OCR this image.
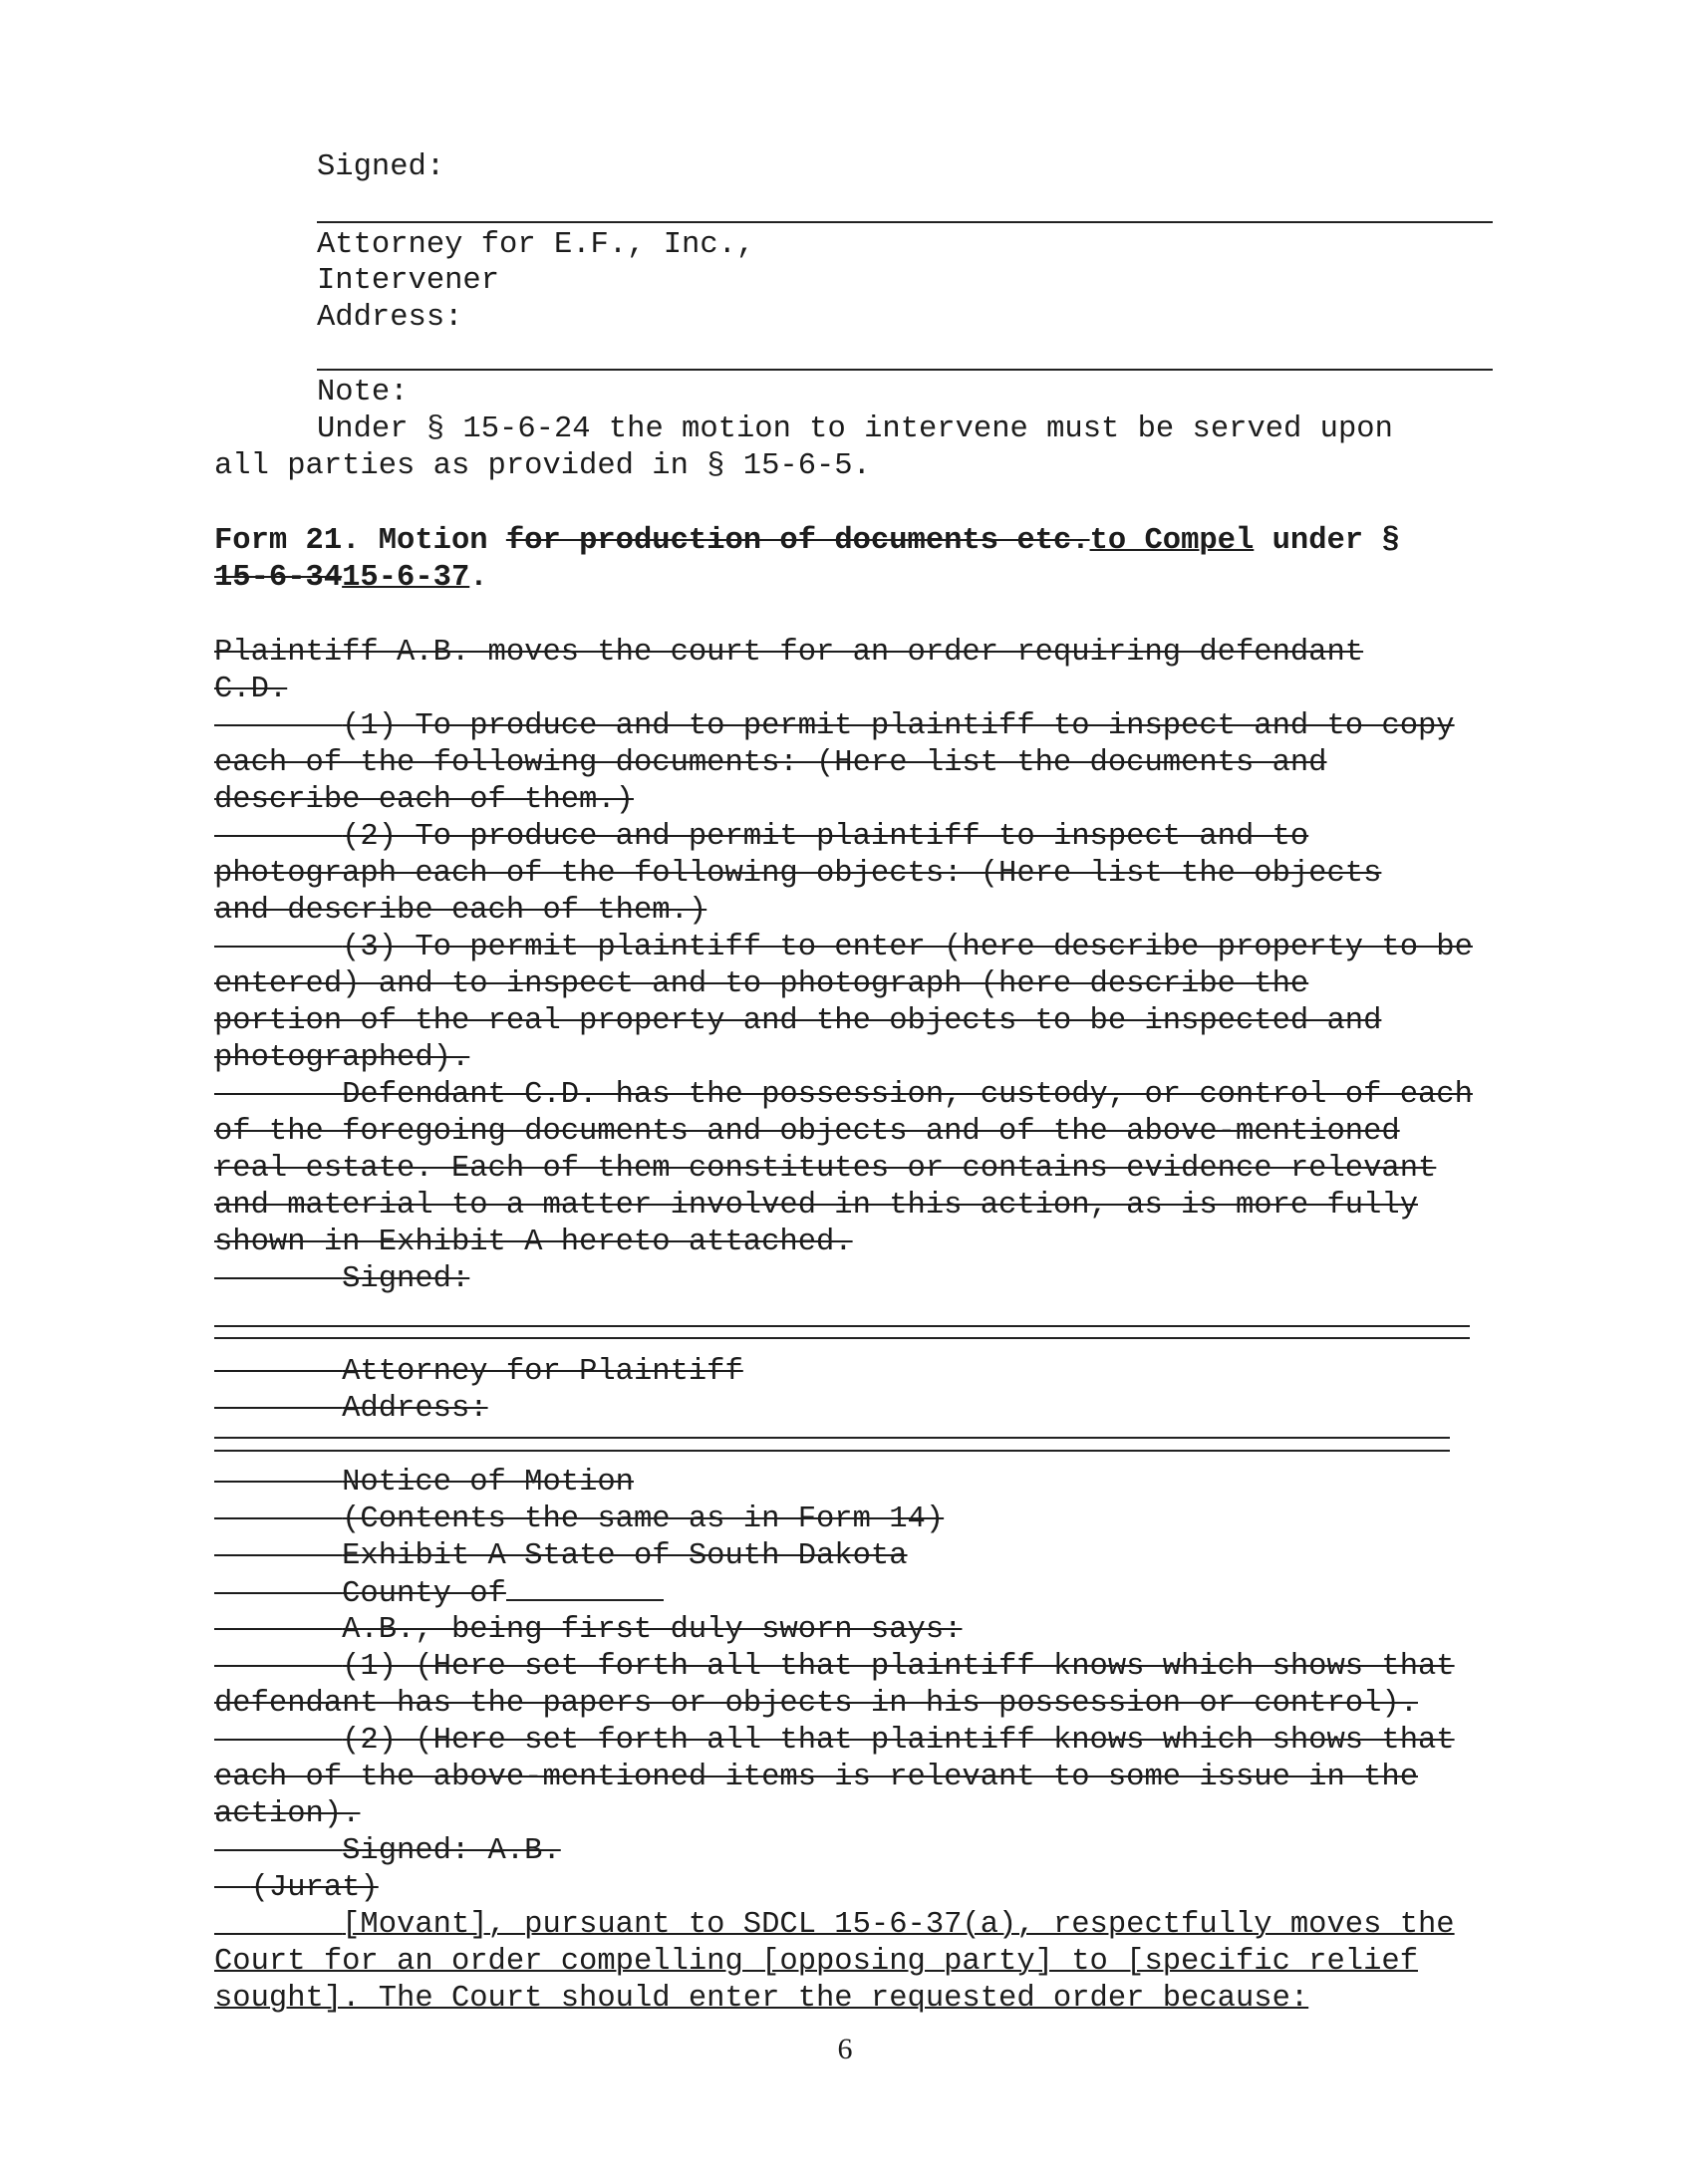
Signed:
Attorney for E.F., Inc.,
Intervener
Address:
Note:
Under § 15-6-24 the motion to intervene must be served upon
all parties as provided in § 15-6-5.
Form 21. Motion for production of documents etc.to Compel under §
15-6-3415-6-37.
Plaintiff A.B. moves the court for an order requiring defendant
C.D.
(1) To produce and to permit plaintiff to inspect and to copy
each of the following documents: (Here list the documents and
describe each of them.)
(2) To produce and permit plaintiff to inspect and to
photograph each of the following objects: (Here list the objects
and describe each of them.)
(3) To permit plaintiff to enter (here describe property to be
entered) and to inspect and to photograph (here describe the
portion of the real property and the objects to be inspected and
photographed).
Defendant C.D. has the possession, custody, or control of each
of the foregoing documents and objects and of the above-mentioned
real estate. Each of them constitutes or contains evidence relevant
and material to a matter involved in this action, as is more fully
shown in Exhibit A hereto attached.
Signed:
Attorney for Plaintiff
Address:
Notice of Motion
(Contents the same as in Form 14)
Exhibit A State of South Dakota
County of
A.B., being first duly sworn says:
(1) (Here set forth all that plaintiff knows which shows that
defendant has the papers or objects in his possession or control).
(2) (Here set forth all that plaintiff knows which shows that
each of the above-mentioned items is relevant to some issue in the
action).
Signed: A.B.
(Jurat)
[Movant], pursuant to SDCL 15-6-37(a), respectfully moves the
Court for an order compelling [opposing party] to [specific relief
sought]. The Court should enter the requested order because:
6
